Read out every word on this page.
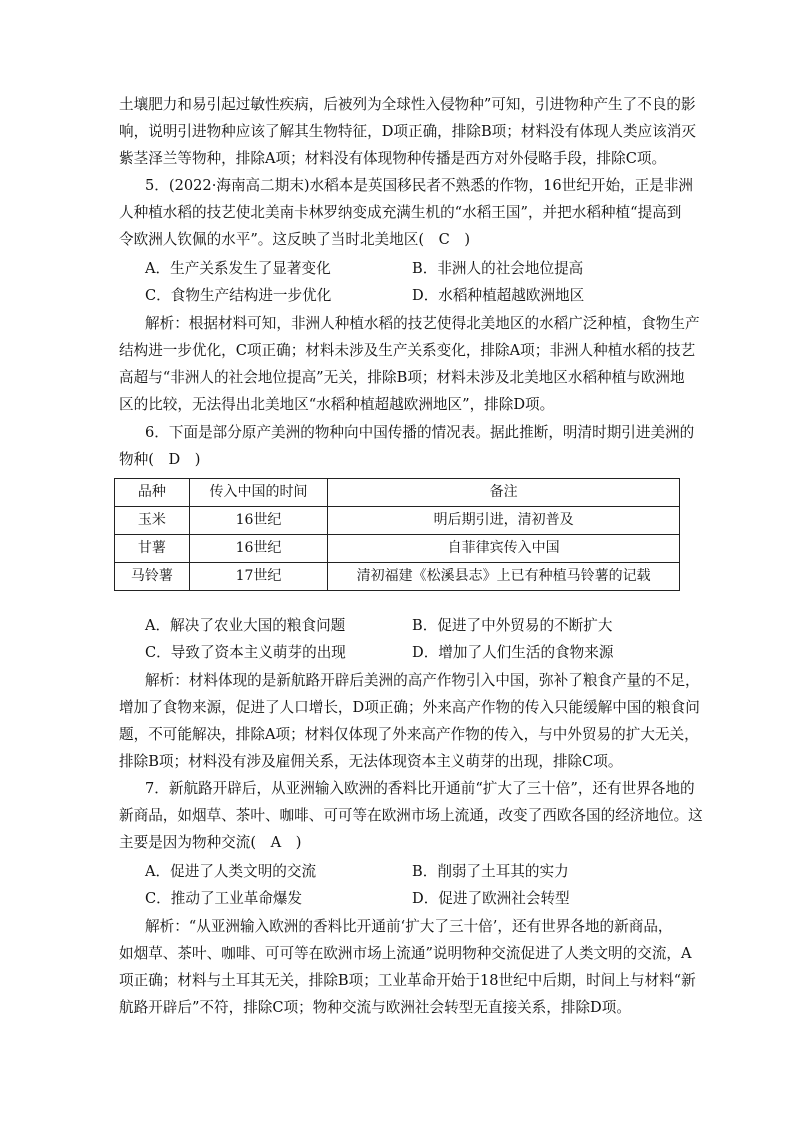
土壤肥力和易引起过敏性疾病，后被列为全球性入侵物种”可知，引进物种产生了不良的影
响，说明引进物种应该了解其生物特征，D项正确，排除B项；材料没有体现人类应该消灭
紫茎泽兰等物种，排除A项；材料没有体现物种传播是西方对外侵略手段，排除C项。
5．(2022·海南高二期末)水稻本是英国移民者不熟悉的作物，16世纪开始，正是非洲
人种植水稻的技艺使北美南卡林罗纳变成充满生机的“水稻王国”，并把水稻种植“提高到
令欧洲人钦佩的水平”。这反映了当时北美地区(　C　)
A．生产关系发生了显著变化	B．非洲人的社会地位提高
C．食物生产结构进一步优化	D．水稻种植超越欧洲地区
解析：根据材料可知，非洲人种植水稻的技艺使得北美地区的水稻广泛种植，食物生产
结构进一步优化，C项正确；材料未涉及生产关系变化，排除A项；非洲人种植水稻的技艺
高超与“非洲人的社会地位提高”无关，排除B项；材料未涉及北美地区水稻种植与欧洲地
区的比较，无法得出北美地区“水稻种植超越欧洲地区”，排除D项。
6．下面是部分原产美洲的物种向中国传播的情况表。据此推断，明清时期引进美洲的
物种(　D　)
品种	传入中国的时间	备注
玉米	16世纪	明后期引进，清初普及
甘薯	16世纪	自菲律宾传入中国
马铃薯	17世纪	清初福建《松溪县志》上已有种植马铃薯的记载
A．解决了农业大国的粮食问题	B．促进了中外贸易的不断扩大
C．导致了资本主义萌芽的出现	D．增加了人们生活的食物来源
解析：材料体现的是新航路开辟后美洲的高产作物引入中国，弥补了粮食产量的不足，
增加了食物来源，促进了人口增长，D项正确；外来高产作物的传入只能缓解中国的粮食问
题，不可能解决，排除A项；材料仅体现了外来高产作物的传入，与中外贸易的扩大无关，
排除B项；材料没有涉及雇佣关系，无法体现资本主义萌芽的出现，排除C项。
7．新航路开辟后，从亚洲输入欧洲的香料比开通前“扩大了三十倍”，还有世界各地的
新商品，如烟草、茶叶、咖啡、可可等在欧洲市场上流通，改变了西欧各国的经济地位。这
主要是因为物种交流(　A　)
A．促进了人类文明的交流	B．削弱了土耳其的实力
C．推动了工业革命爆发	D．促进了欧洲社会转型
解析：“从亚洲输入欧洲的香料比开通前‘扩大了三十倍’，还有世界各地的新商品，
如烟草、茶叶、咖啡、可可等在欧洲市场上流通”说明物种交流促进了人类文明的交流，A
项正确；材料与土耳其无关，排除B项；工业革命开始于18世纪中后期，时间上与材料“新
航路开辟后”不符，排除C项；物种交流与欧洲社会转型无直接关系，排除D项。
